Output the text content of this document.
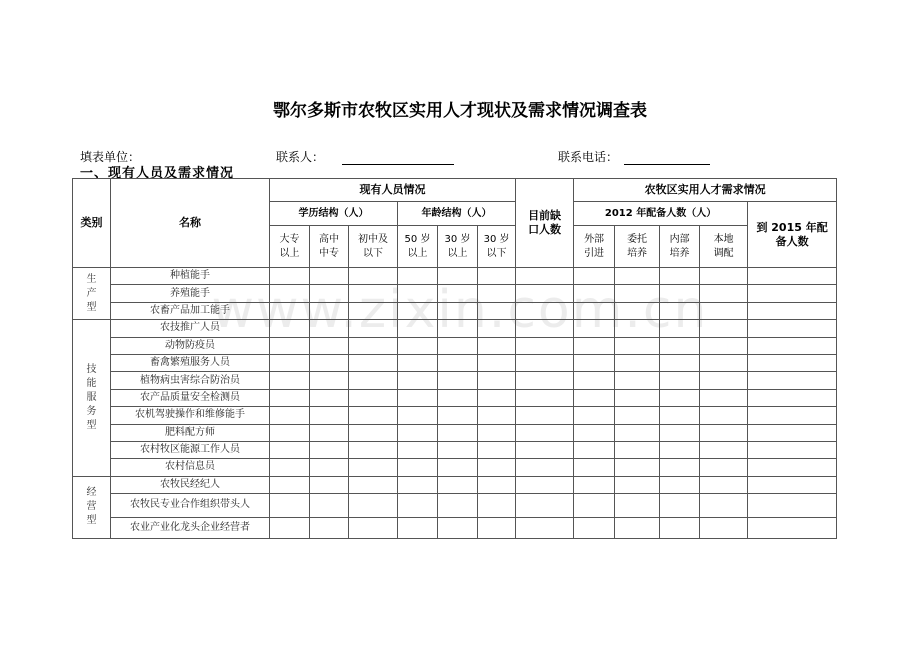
鄂尔多斯市农牧区实用人才现状及需求情况调查表
填表单位：	联系人：	联系电话：
一、现有人员及需求情况
www.zixin.com.cn
类别	名称	现有人员情况						目前缺口人数	农牧区实用人才需求情况				
		学历结构（人）			年龄结构（人）				2012 年配备人数（人）				到 2015 年配备人数
		大专以上	高中中专	初中及以下	50 岁以上	30 岁以上	30 岁以下		外部引进	委托培养	内部培养	本地调配	
生产型	种植能手												
	养殖能手												
	农畜产品加工能手												
技能服务型	农技推广人员												
	动物防疫员												
	畜禽繁殖服务人员												
	植物病虫害综合防治员												
	农产品质量安全检测员												
	农机驾驶操作和维修能手												
	肥料配方师												
	农村牧区能源工作人员												
	农村信息员												
经营型	农牧民经纪人												
	农牧民专业合作组织带头人												
	农业产业化龙头企业经营者												
